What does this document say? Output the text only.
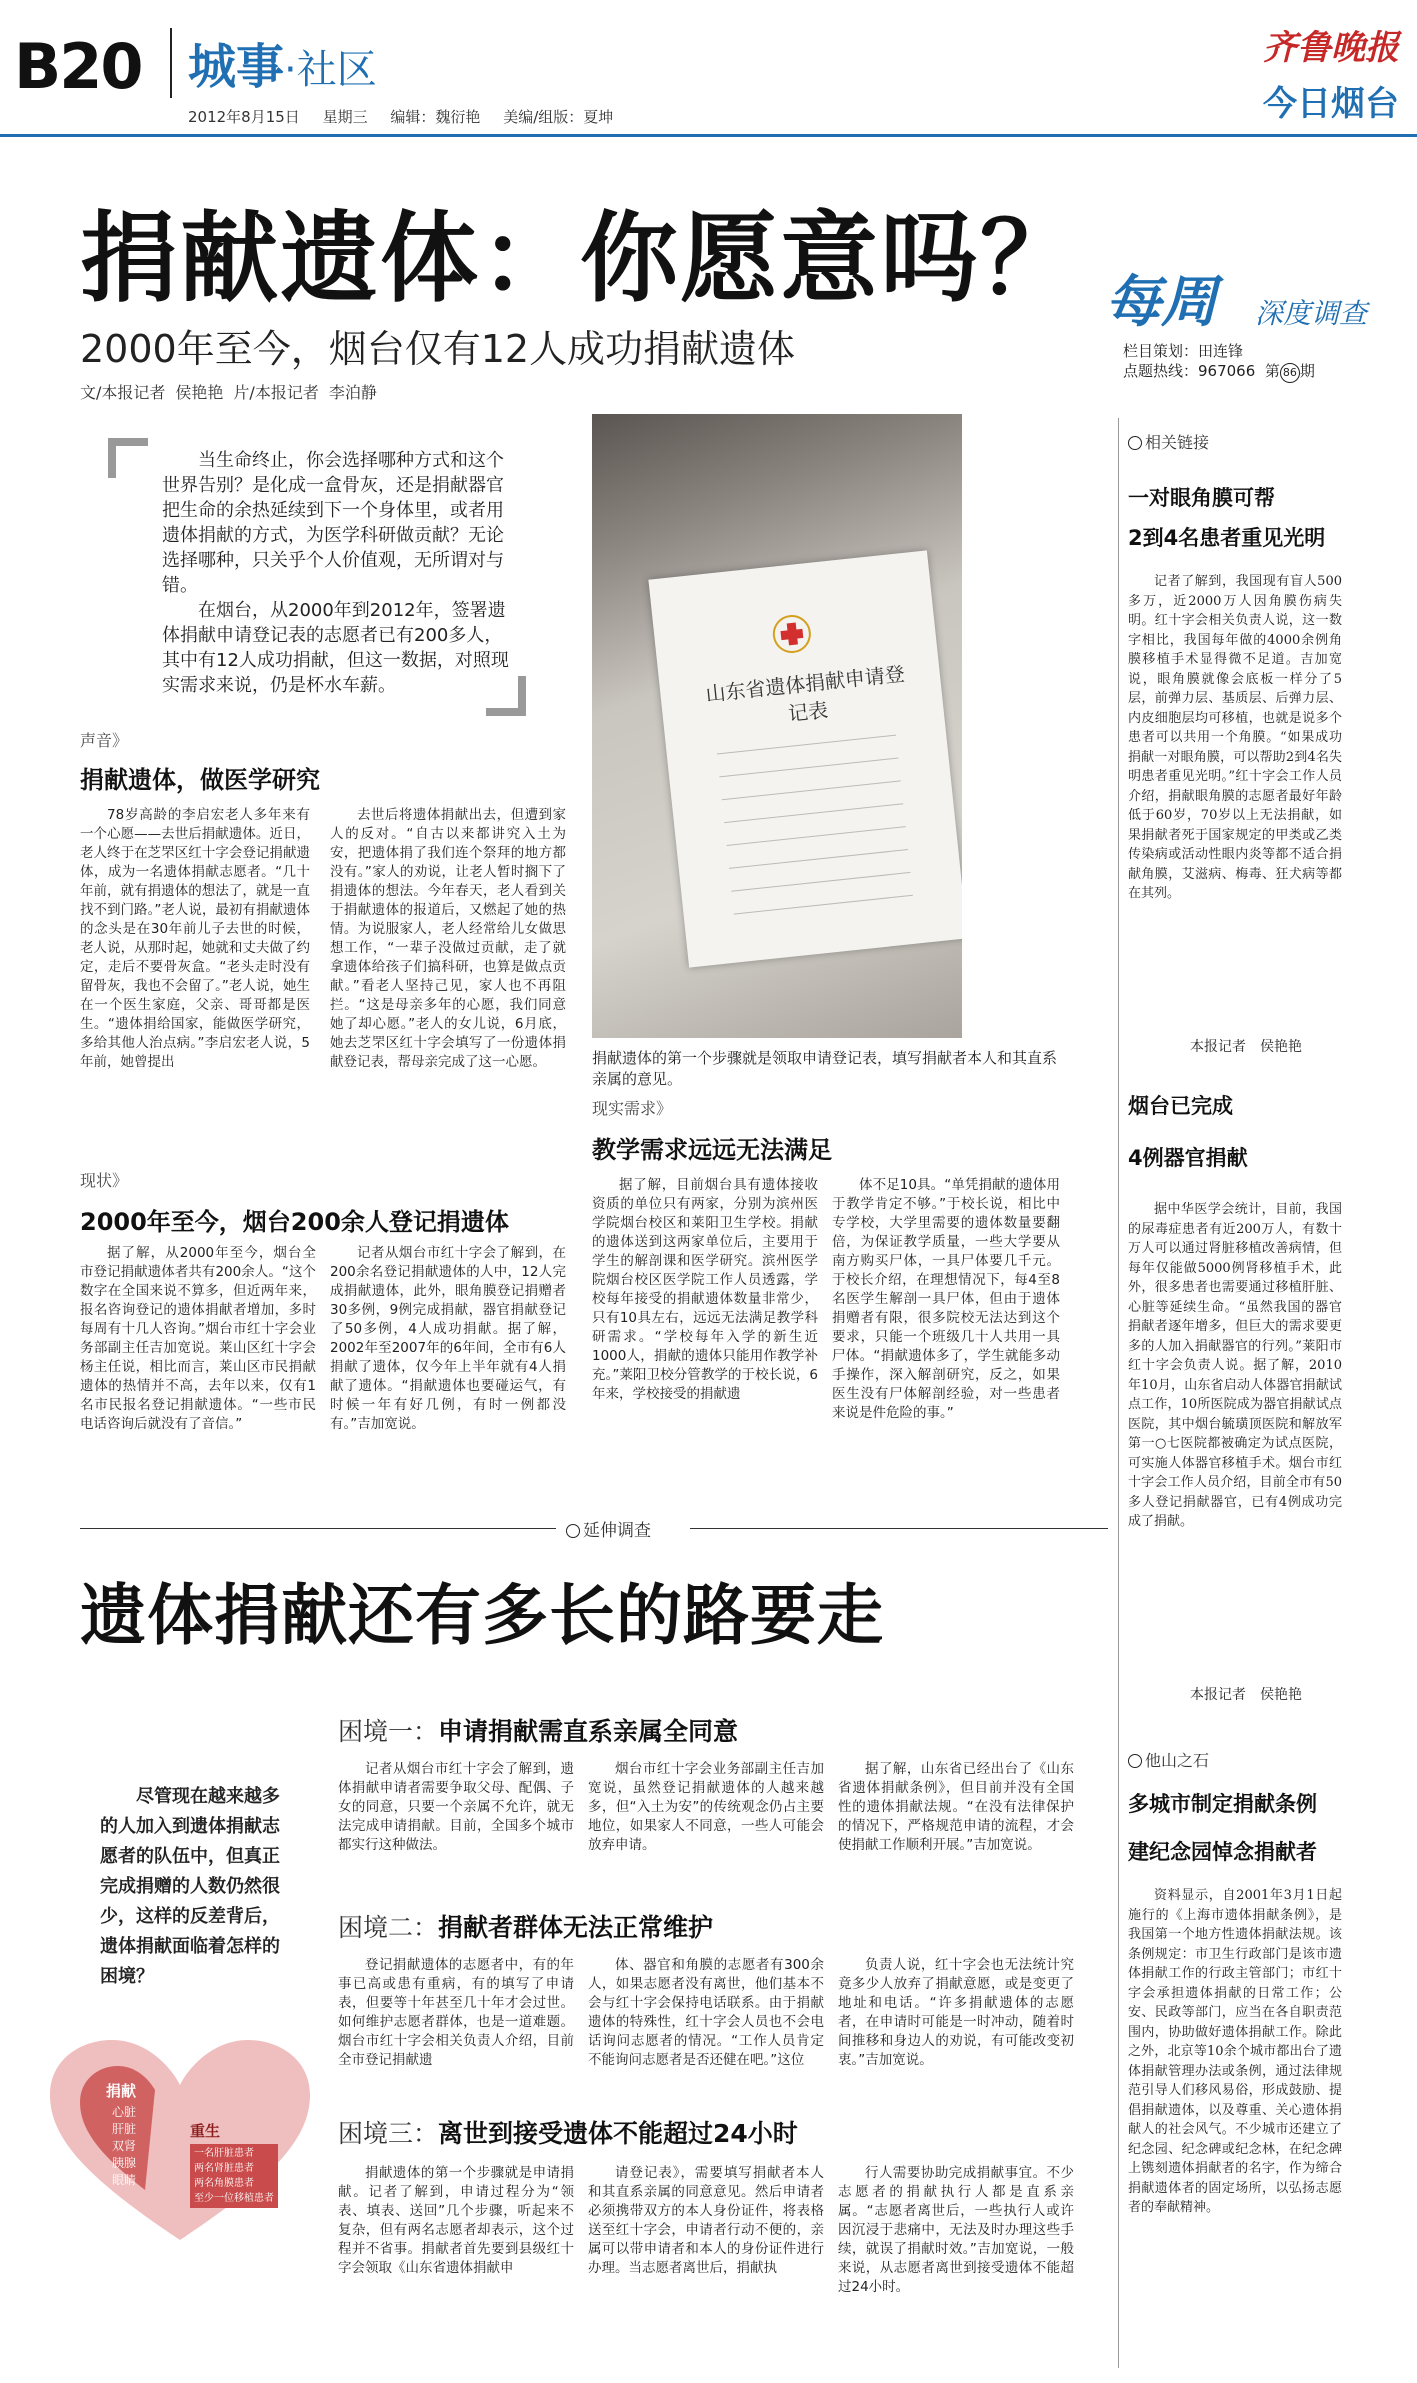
B20 城事·社区
2012年8月15日 星期三 编辑：魏衍艳 美编/组版：夏坤
齐鲁晚报
今日烟台
捐献遗体：你愿意吗？
2000年至今，烟台仅有12人成功捐献遗体
文/本报记者 侯艳艳 片/本报记者 李泊静
每周 深度调查
栏目策划：田连锋
点题热线：967066 第 86 期

当生命终止，你会选择哪种方式和这个世界告别？是化成一盒骨灰，还是捐献器官把生命的余热延续到下一个身体里，或者用遗体捐献的方式，为医学科研做贡献？无论选择哪种，只关乎个人价值观，无所谓对与错。

在烟台，从2000年到2012年，签署遗体捐献申请登记表的志愿者已有200多人，其中有12人成功捐献，但这一数据，对照现实需求来说，仍是杯水车薪。	山东省遗体捐献申请登记表
捐献遗体的第一个步骤就是领取申请登记表，填写捐献者本人和其直系亲属的意见。
声音》
捐献遗体，做医学研究
78岁高龄的李启宏老人多年来有一个心愿——去世后捐献遗体。近日，老人终于在芝罘区红十字会登记捐献遗体，成为一名遗体捐献志愿者。“几十年前，就有捐遗体的想法了，就是一直找不到门路。”老人说，最初有捐献遗体的念头是在30年前儿子去世的时候，老人说，从那时起，她就和丈夫做了约定，走后不要骨灰盒。“老头走时没有留骨灰，我也不会留了。”老人说，她生在一个医生家庭，父亲、哥哥都是医生。“遗体捐给国家，能做医学研究，多给其他人治点病。”李启宏老人说，5年前，她曾提出
去世后将遗体捐献出去，但遭到家人的反对。“自古以来都讲究入土为安，把遗体捐了我们连个祭拜的地方都没有。”家人的劝说，让老人暂时搁下了捐遗体的想法。今年春天，老人看到关于捐献遗体的报道后，又燃起了她的热情。为说服家人，老人经常给儿女做思想工作，“一辈子没做过贡献，走了就拿遗体给孩子们搞科研，也算是做点贡献。”看老人坚持己见，家人也不再阻拦。“这是母亲多年的心愿，我们同意她了却心愿。”老人的女儿说，6月底，她去芝罘区红十字会填写了一份遗体捐献登记表，帮母亲完成了这一心愿。
现状》
2000年至今，烟台200余人登记捐遗体
据了解，从2000年至今，烟台全市登记捐献遗体者共有200余人。“这个数字在全国来说不算多，但近两年来，报名咨询登记的遗体捐献者增加，多时每周有十几人咨询。”烟台市红十字会业务部副主任吉加宽说。莱山区红十字会杨主任说，相比而言，莱山区市民捐献遗体的热情并不高，去年以来，仅有1名市民报名登记捐献遗体。“一些市民电话咨询后就没有了音信。”
记者从烟台市红十字会了解到，在200余名登记捐献遗体的人中，12人完成捐献遗体，此外，眼角膜登记捐赠者30多例，9例完成捐献，器官捐献登记了50多例，4人成功捐献。据了解，2002年至2007年的6年间，全市有6人捐献了遗体，仅今年上半年就有4人捐献了遗体。“捐献遗体也要碰运气，有时候一年有好几例，有时一例都没有。”吉加宽说。
现实需求》
教学需求远远无法满足
据了解，目前烟台具有遗体接收资质的单位只有两家，分别为滨州医学院烟台校区和莱阳卫生学校。捐献的遗体送到这两家单位后，主要用于学生的解剖课和医学研究。滨州医学院烟台校区医学院工作人员透露，学校每年接受的捐献遗体数量非常少，只有10具左右，远远无法满足教学科研需求。“学校每年入学的新生近1000人，捐献的遗体只能用作教学补充。”莱阳卫校分管教学的于校长说，6年来，学校接受的捐献遗
体不足10具。“单凭捐献的遗体用于教学肯定不够。”于校长说，相比中专学校，大学里需要的遗体数量要翻倍，为保证教学质量，一些大学要从南方购买尸体，一具尸体要几千元。于校长介绍，在理想情况下，每4至8名医学生解剖一具尸体，但由于遗体捐赠者有限，很多院校无法达到这个要求，只能一个班级几十人共用一具尸体。“捐献遗体多了，学生就能多动手操作，深入解剖研究，反之，如果医生没有尸体解剖经验，对一些患者来说是件危险的事。”
相关链接
一对眼角膜可帮
2到4名患者重见光明
记者了解到，我国现有盲人500多万，近2000万人因角膜伤病失明。红十字会相关负责人说，这一数字相比，我国每年做的4000余例角膜移植手术显得微不足道。吉加宽说，眼角膜就像会底板一样分了5层，前弹力层、基质层、后弹力层、内皮细胞层均可移植，也就是说多个患者可以共用一个角膜。“如果成功捐献一对眼角膜，可以帮助2到4名失明患者重见光明。”红十字会工作人员介绍，捐献眼角膜的志愿者最好年龄低于60岁，70岁以上无法捐献，如果捐献者死于国家规定的甲类或乙类传染病或活动性眼内炎等都不适合捐献角膜，艾滋病、梅毒、狂犬病等都在其列。
本报记者　侯艳艳
烟台已完成
4例器官捐献
据中华医学会统计，目前，我国的尿毒症患者有近200万人，有数十万人可以通过肾脏移植改善病情，但每年仅能做5000例肾移植手术，此外，很多患者也需要通过移植肝脏、心脏等延续生命。“虽然我国的器官捐献者逐年增多，但巨大的需求要更多的人加入捐献器官的行列。”莱阳市红十字会负责人说。据了解，2010年10月，山东省启动人体器官捐献试点工作，10所医院成为器官捐献试点医院，其中烟台毓璜顶医院和解放军第一○七医院都被确定为试点医院，可实施人体器官移植手术。烟台市红十字会工作人员介绍，目前全市有50多人登记捐献器官，已有4例成功完成了捐献。
本报记者　侯艳艳
他山之石
多城市制定捐献条例
建纪念园悼念捐献者
资料显示，自2001年3月1日起施行的《上海市遗体捐献条例》，是我国第一个地方性遗体捐献法规。该条例规定：市卫生行政部门是该市遗体捐献工作的行政主管部门；市红十字会承担遗体捐献的日常工作；公安、民政等部门，应当在各自职责范围内，协助做好遗体捐献工作。除此之外，北京等10余个城市都出台了遗体捐献管理办法或条例，通过法律规范引导人们移风易俗，形成鼓励、提倡捐献遗体，以及尊重、关心遗体捐献人的社会风气。不少城市还建立了纪念园、纪念碑或纪念林，在纪念碑上镌刻遗体捐献者的名字，作为缔合捐献遗体者的固定场所，以弘扬志愿者的奉献精神。
延伸调查
遗体捐献还有多长的路要走
尽管现在越来越多的人加入到遗体捐献志愿者的队伍中，但真正完成捐赠的人数仍然很少，这样的反差背后，遗体捐献面临着怎样的困境？
困境一：申请捐献需直系亲属全同意
记者从烟台市红十字会了解到，遗体捐献申请者需要争取父母、配偶、子女的同意，只要一个亲属不允许，就无法完成申请捐献。目前，全国多个城市都实行这种做法。
烟台市红十字会业务部副主任吉加宽说，虽然登记捐献遗体的人越来越多，但“入土为安”的传统观念仍占主要地位，如果家人不同意，一些人可能会放弃申请。
据了解，山东省已经出台了《山东省遗体捐献条例》，但目前并没有全国性的遗体捐献法规。“在没有法律保护的情况下，严格规范申请的流程，才会使捐献工作顺利开展。”吉加宽说。
困境二：捐献者群体无法正常维护
登记捐献遗体的志愿者中，有的年事已高或患有重病，有的填写了申请表，但要等十年甚至几十年才会过世。如何维护志愿者群体，也是一道难题。烟台市红十字会相关负责人介绍，目前全市登记捐献遗
体、器官和角膜的志愿者有300余人，如果志愿者没有离世，他们基本不会与红十字会保持电话联系。由于捐献遗体的特殊性，红十字会人员也不会电话询问志愿者的情况。“工作人员肯定不能询问志愿者是否还健在吧。”这位
负责人说，红十字会也无法统计究竟多少人放弃了捐献意愿，或是变更了地址和电话。“许多捐献遗体的志愿者，在申请时可能是一时冲动，随着时间推移和身边人的劝说，有可能改变初衷。”吉加宽说。
困境三：离世到接受遗体不能超过24小时
捐献遗体的第一个步骤就是申请捐献。记者了解到，申请过程分为“领表、填表、送回”几个步骤，听起来不复杂，但有两名志愿者却表示，这个过程并不省事。捐献者首先要到县级红十字会领取《山东省遗体捐献申
请登记表》，需要填写捐献者本人和其直系亲属的同意意见。然后申请者必须携带双方的本人身份证件，将表格送至红十字会，申请者行动不便的，亲属可以带申请者和本人的身份证件进行办理。当志愿者离世后，捐献执
行人需要协助完成捐献事宜。不少志愿者的捐献执行人都是直系亲属。“志愿者离世后，一些执行人或许因沉浸于悲痛中，无法及时办理这些手续，就误了捐献时效。”吉加宽说，一般来说，从志愿者离世到接受遗体不能超过24小时。
捐献
心脏
肝脏
双肾
胰腺
眼睛
重生
一名肝脏患者
两名肾脏患者
两名角膜患者
至少一位移植患者
